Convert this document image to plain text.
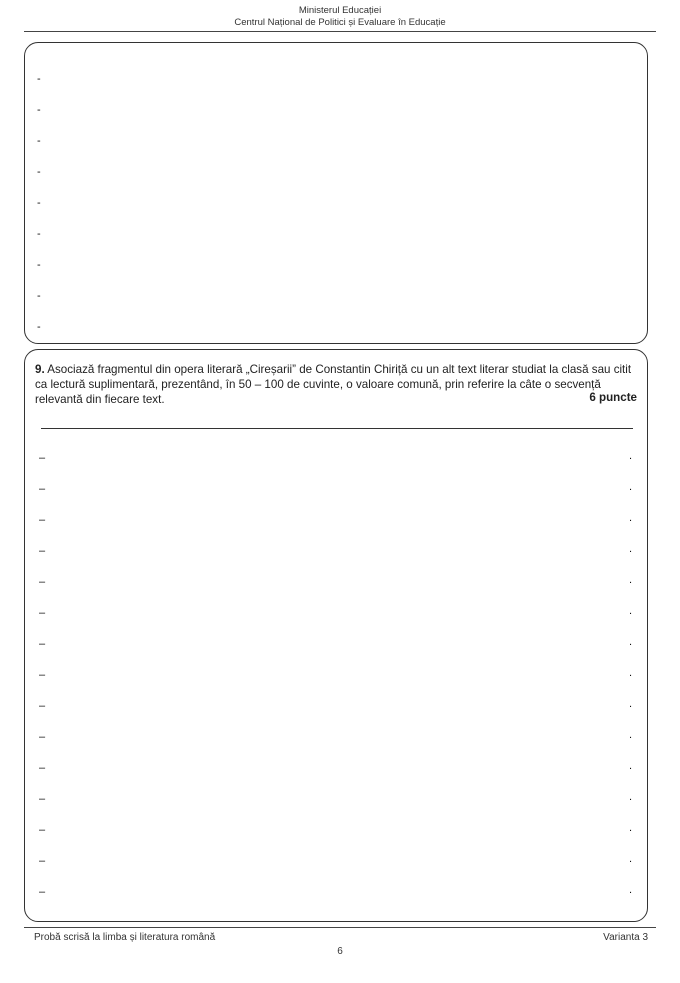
Ministerul Educației
Centrul Național de Politici și Evaluare în Educație
-
-
-
-
-
-
-
-
-
9. Asociază fragmentul din opera literară „Cireșarii” de Constantin Chiriță cu un alt text literar studiat la clasă sau citit ca lectură suplimentară, prezentând, în 50 – 100 de cuvinte, o valoare comună, prin referire la câte o secvență relevantă din fiecare text.	6 puncte
–	.
–	.
–	.
–	.
–	.
–	.
–	.
–	.
–	.
–	.
–	.
–	.
–	.
–	.
–	.
Probă scrisă la limba și literatura română	Varianta 3
6
